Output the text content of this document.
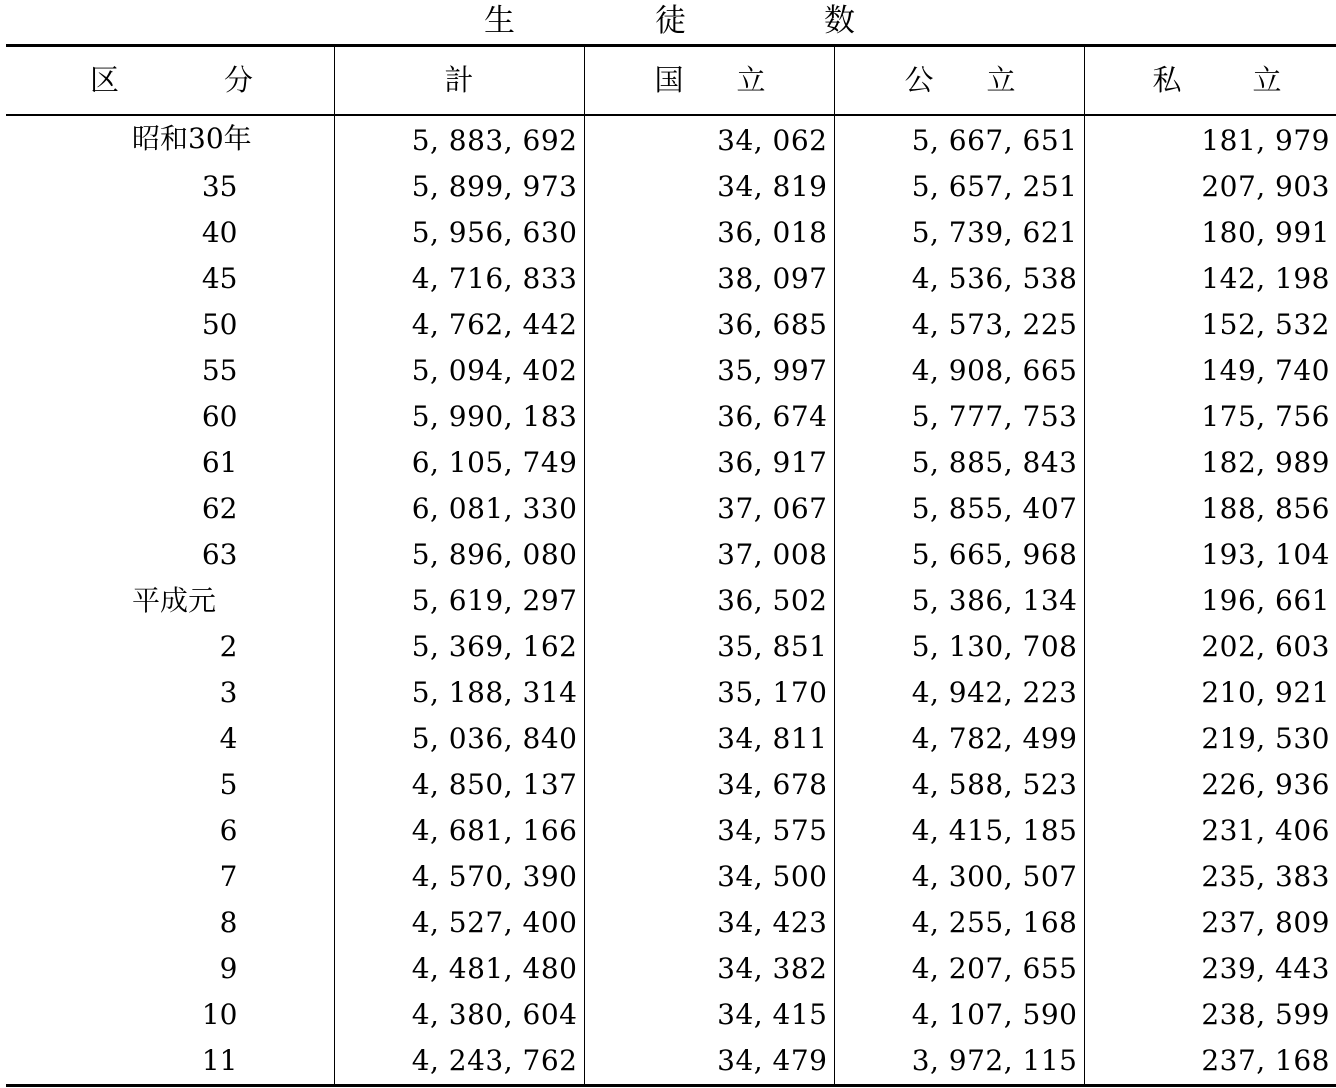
生	徒	数
区 分	計	国 立	公 立	私 立

昭和30年	5, 883, 692	34, 062	5, 667, 651	181, 979

35	5, 899, 973	34, 819	5, 657, 251	207, 903

40	5, 956, 630	36, 018	5, 739, 621	180, 991

45	4, 716, 833	38, 097	4, 536, 538	142, 198

50	4, 762, 442	36, 685	4, 573, 225	152, 532

55	5, 094, 402	35, 997	4, 908, 665	149, 740

60	5, 990, 183	36, 674	5, 777, 753	175, 756

61	6, 105, 749	36, 917	5, 885, 843	182, 989

62	6, 081, 330	37, 067	5, 855, 407	188, 856

63	5, 896, 080	37, 008	5, 665, 968	193, 104

平成元	5, 619, 297	36, 502	5, 386, 134	196, 661

2	5, 369, 162	35, 851	5, 130, 708	202, 603

3	5, 188, 314	35, 170	4, 942, 223	210, 921

4	5, 036, 840	34, 811	4, 782, 499	219, 530

5	4, 850, 137	34, 678	4, 588, 523	226, 936

6	4, 681, 166	34, 575	4, 415, 185	231, 406

7	4, 570, 390	34, 500	4, 300, 507	235, 383

8	4, 527, 400	34, 423	4, 255, 168	237, 809

9	4, 481, 480	34, 382	4, 207, 655	239, 443

10	4, 380, 604	34, 415	4, 107, 590	238, 599

11	4, 243, 762	34, 479	3, 972, 115	237, 168
